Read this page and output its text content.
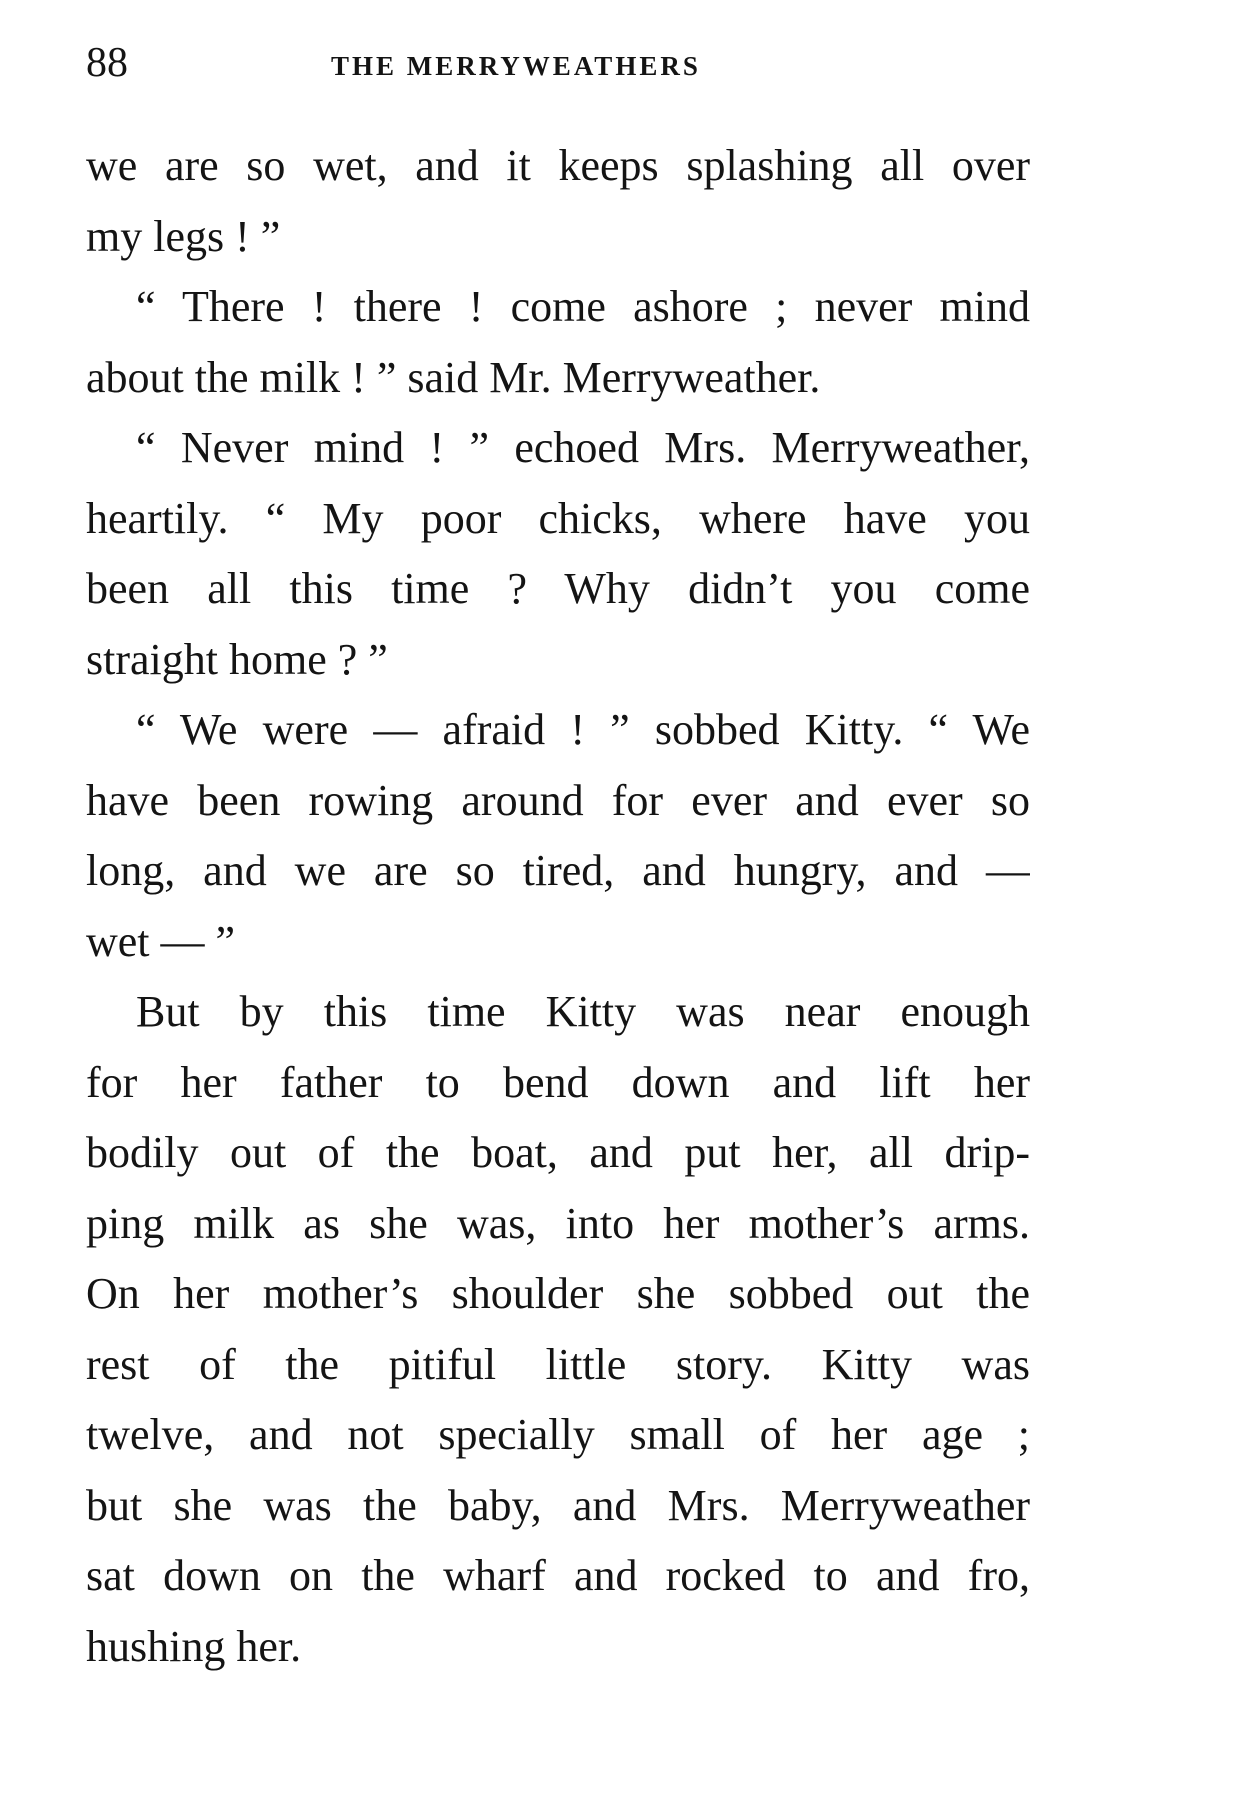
88	THE MERRYWEATHERS
we are so wet, and it keeps splashing all over
my legs ! ”
“ There ! there ! come ashore ; never mind
about the milk ! ” said Mr. Merryweather.
“ Never mind ! ” echoed Mrs. Merryweather,
heartily. “ My poor chicks, where have you
been all this time ? Why didn’t you come
straight home ? ”
“ We were — afraid ! ” sobbed Kitty. “ We
have been rowing around for ever and ever so
long, and we are so tired, and hungry, and —
wet — ”
But by this time Kitty was near enough
for her father to bend down and lift her
bodily out of the boat, and put her, all drip-
ping milk as she was, into her mother’s arms.
On her mother’s shoulder she sobbed out the
rest of the pitiful little story. Kitty was
twelve, and not specially small of her age ;
but she was the baby, and Mrs. Merryweather
sat down on the wharf and rocked to and fro,
hushing her.
